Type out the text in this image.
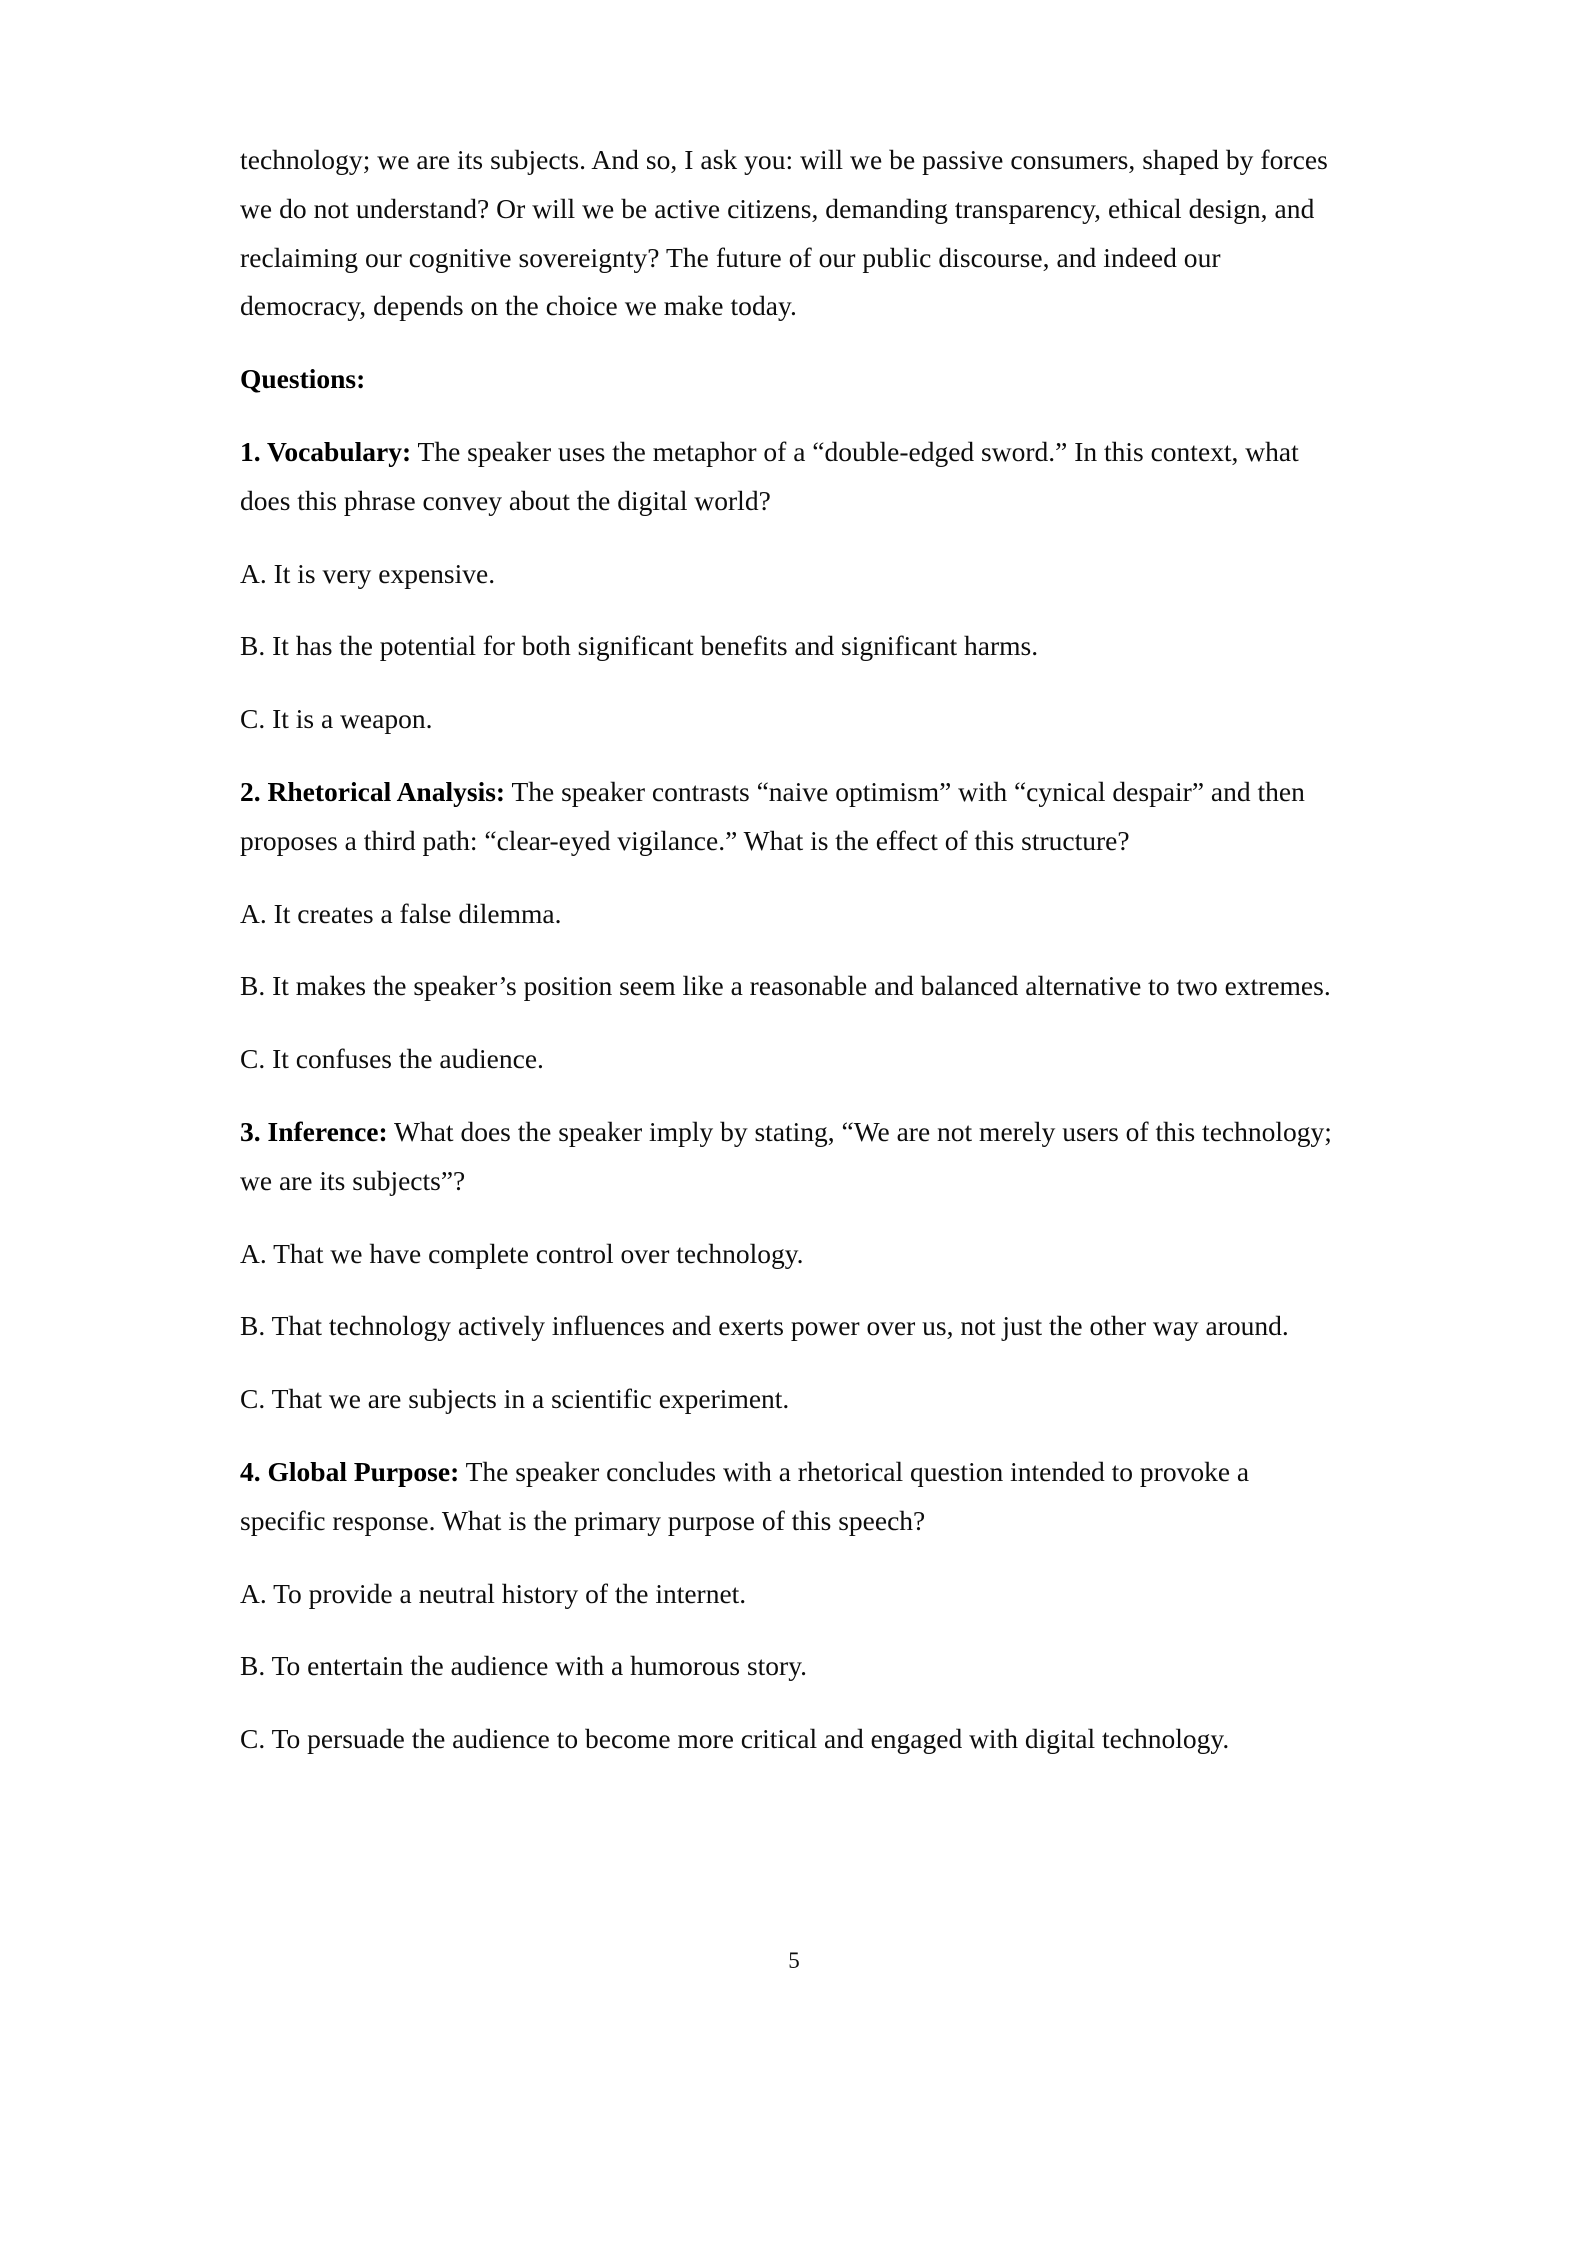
technology; we are its subjects. And so, I ask you: will we be passive consumers, shaped by forces we do not understand? Or will we be active citizens, demanding transparency, ethical design, and reclaiming our cognitive sovereignty? The future of our public discourse, and indeed our democracy, depends on the choice we make today.

Questions:

1. Vocabulary: The speaker uses the metaphor of a “double-edged sword.” In this context, what does this phrase convey about the digital world?

A. It is very expensive.

B. It has the potential for both significant benefits and significant harms.

C. It is a weapon.

2. Rhetorical Analysis: The speaker contrasts “naive optimism” with “cynical despair” and then proposes a third path: “clear-eyed vigilance.” What is the effect of this structure?

A. It creates a false dilemma.

B. It makes the speaker’s position seem like a reasonable and balanced alternative to two extremes.

C. It confuses the audience.

3. Inference: What does the speaker imply by stating, “We are not merely users of this technology; we are its subjects”?

A. That we have complete control over technology.

B. That technology actively influences and exerts power over us, not just the other way around.

C. That we are subjects in a scientific experiment.

4. Global Purpose: The speaker concludes with a rhetorical question intended to provoke a specific response. What is the primary purpose of this speech?

A. To provide a neutral history of the internet.

B. To entertain the audience with a humorous story.

C. To persuade the audience to become more critical and engaged with digital technology.

5
